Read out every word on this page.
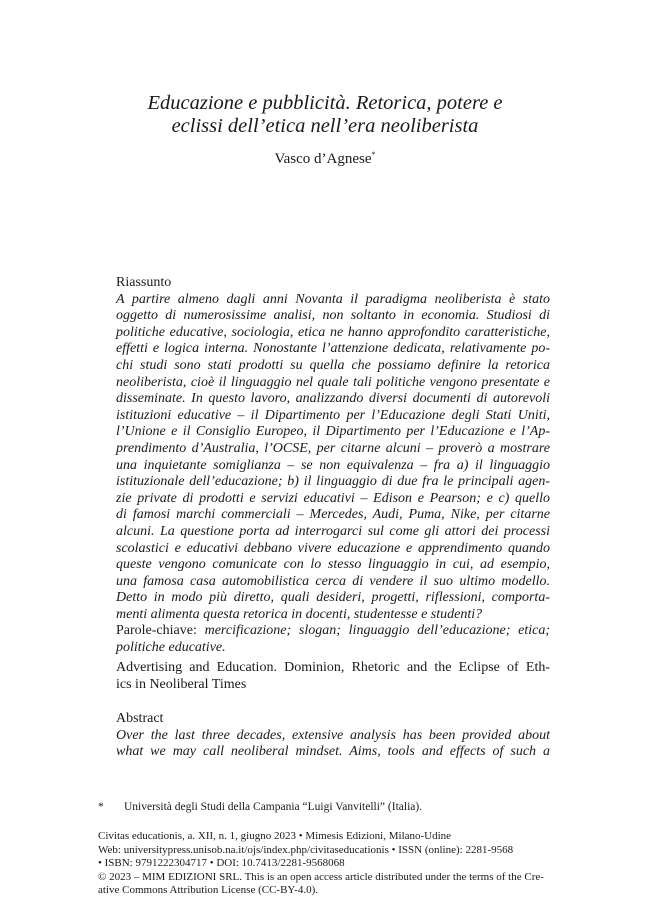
Educazione e pubblicità. Retorica, potere e
eclissi dell’etica nell’era neoliberista
Vasco d’Agnese*
Riassunto
A partire almeno dagli anni Novanta il paradigma neoliberista è stato
oggetto di numerosissime analisi, non soltanto in economia. Studiosi di
politiche educative, sociologia, etica ne hanno approfondito caratteristiche,
effetti e logica interna. Nonostante l’attenzione dedicata, relativamente po-
chi studi sono stati prodotti su quella che possiamo definire la retorica
neoliberista, cioè il linguaggio nel quale tali politiche vengono presentate e
disseminate. In questo lavoro, analizzando diversi documenti di autorevoli
istituzioni educative – il Dipartimento per l’Educazione degli Stati Uniti,
l’Unione e il Consiglio Europeo, il Dipartimento per l’Educazione e l’Ap-
prendimento d’Australia, l’OCSE, per citarne alcuni – proverò a mostrare
una inquietante somiglianza – se non equivalenza – fra a) il linguaggio
istituzionale dell’educazione; b) il linguaggio di due fra le principali agen-
zie private di prodotti e servizi educativi – Edison e Pearson; e c) quello
di famosi marchi commerciali – Mercedes, Audi, Puma, Nike, per citarne
alcuni. La questione porta ad interrogarci sul come gli attori dei processi
scolastici e educativi debbano vivere educazione e apprendimento quando
queste vengono comunicate con lo stesso linguaggio in cui, ad esempio,
una famosa casa automobilistica cerca di vendere il suo ultimo modello.
Detto in modo più diretto, quali desideri, progetti, riflessioni, comporta-
menti alimenta questa retorica in docenti, studentesse e studenti?
Parole-chiave: mercificazione; slogan; linguaggio dell’educazione; etica;
politiche educative.
Advertising and Education. Dominion, Rhetoric and the Eclipse of Eth-
ics in Neoliberal Times
Abstract
Over the last three decades, extensive analysis has been provided about
what we may call neoliberal mindset. Aims, tools and effects of such a
* Università degli Studi della Campania “Luigi Vanvitelli” (Italia).
Civitas educationis, a. XII, n. 1, giugno 2023 • Mimesis Edizioni, Milano-Udine
Web: universitypress.unisob.na.it/ojs/index.php/civitaseducationis • ISSN (online): 2281-9568
• ISBN: 9791222304717 • DOI: 10.7413/2281-9568068
© 2023 – MIM EDIZIONI SRL. This is an open access article distributed under the terms of the Cre-
ative Commons Attribution License (CC-BY-4.0).
